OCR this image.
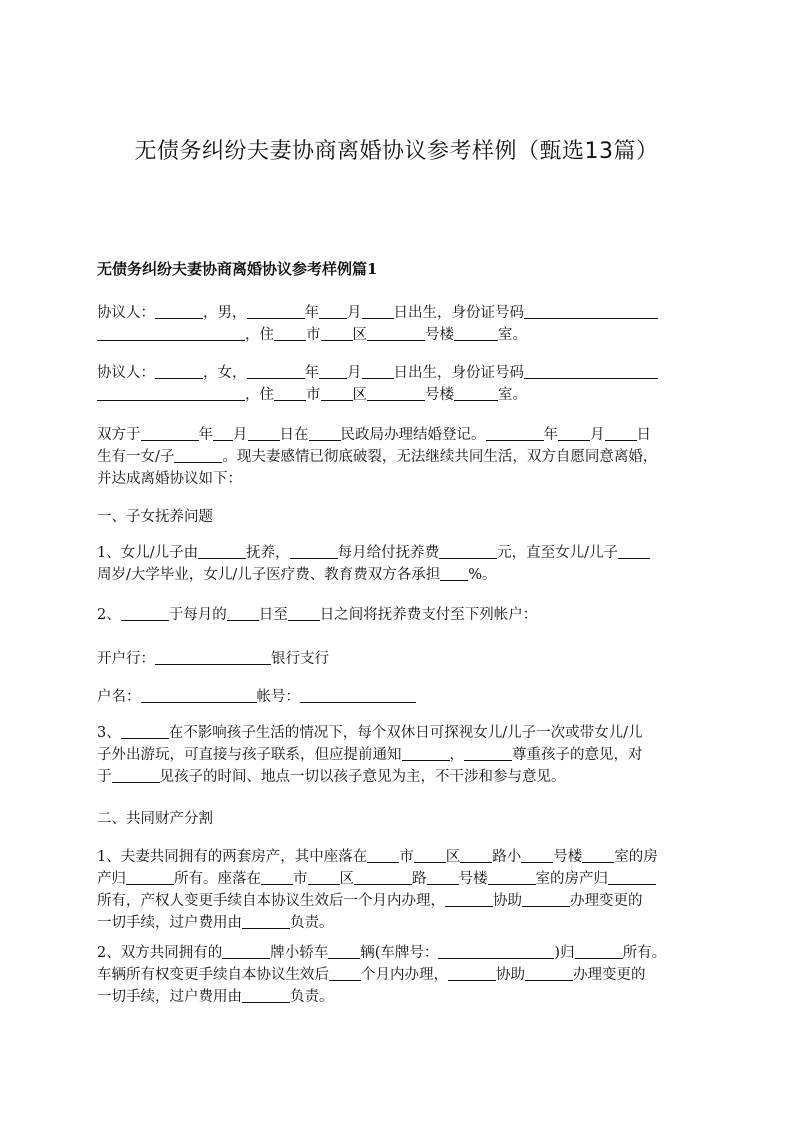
无债务纠纷夫妻协商离婚协议参考样例（甄选13篇）
无债务纠纷夫妻协商离婚协议参考样例篇1
协议人：	，男，	年 月 日出生，身份证号码
，住 市 区	号楼	室。
协议人：	，女，	年 月 日出生，身份证号码
，住 市 区	号楼	室。
双方于	年 月 日在 民政局办理结婚登记。	年 月 日
生有一女/子	。现夫妻感情已彻底破裂，无法继续共同生活，双方自愿同意离婚，
并达成离婚协议如下：
一、子女抚养问题
1、女儿/儿子由	抚养，	每月给付抚养费	元，直至女儿/儿子
周岁/大学毕业，女儿/儿子医疗费、教育费双方各承担 %。
2、	于每月的 日至 日之间将抚养费支付至下列帐户：
开户行：	银行支行
户名：	帐号：
3、	在不影响孩子生活的情况下，每个双休日可探视女儿/儿子一次或带女儿/儿
子外出游玩，可直接与孩子联系，但应提前通知	，	尊重孩子的意见，对
于	见孩子的时间、地点一切以孩子意见为主，不干涉和参与意见。
二、共同财产分割
1、夫妻共同拥有的两套房产，其中座落在 市 区 路小 号楼 室的房
产归	所有。座落在 市 区	路 号楼	室的房产归
所有，产权人变更手续自本协议生效后一个月内办理，	协助	办理变更的
一切手续，过户费用由	负责。
2、双方共同拥有的	牌小轿车 辆(车牌号：	)归	所有。
车辆所有权变更手续自本协议生效后 个月内办理，	协助	办理变更的
一切手续，过户费用由	负责。
